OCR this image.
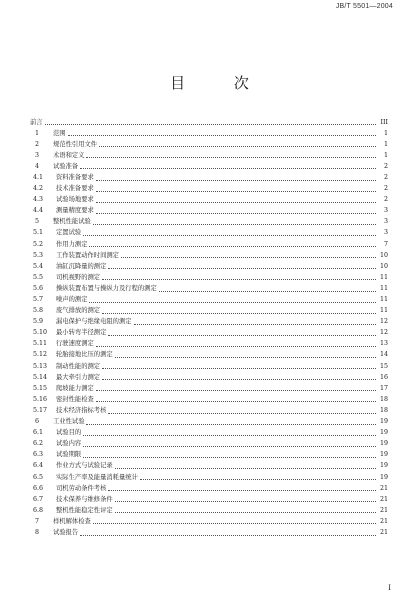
JB/T 5501—2004
目 次
前言	III
1	范围	1
2	规范性引用文件	1
3	术语和定义	1
4	试验准备	2
4.1	资料准备要求	2
4.2	技术准备要求	2
4.3	试验场地要求	2
4.4	测量精度要求	3
5	整机性能试验	3
5.1	定置试验	3
5.2	作用力测定	7
5.3	工作装置动作时间测定	10
5.4	油缸沉降量的测定	10
5.5	司机视野的测定	11
5.6	操纵装置布置与操纵力及行程的测定	11
5.7	噪声的测定	11
5.8	废气排放的测定	11
5.9	漏电保护与绝缘电阻的测定	12
5.10	最小转弯半径测定	12
5.11	行驶速度测定	13
5.12	轮胎接地比压的测定	14
5.13	制动性能的测定	15
5.14	最大牵引力测定	16
5.15	爬坡能力测定	17
5.16	密封性能检查	18
5.17	技术经济指标考核	18
6	工业性试验	19
6.1	试验目的	19
6.2	试验内容	19
6.3	试验期限	19
6.4	作业方式与试验记录	19
6.5	实际生产率及能量消耗量统计	19
6.6	司机劳动条件考核	21
6.7	技术保养与维修条件	21
6.8	整机性能稳定性评定	21
7	样机解体检查	21
8	试验报告	21
I
